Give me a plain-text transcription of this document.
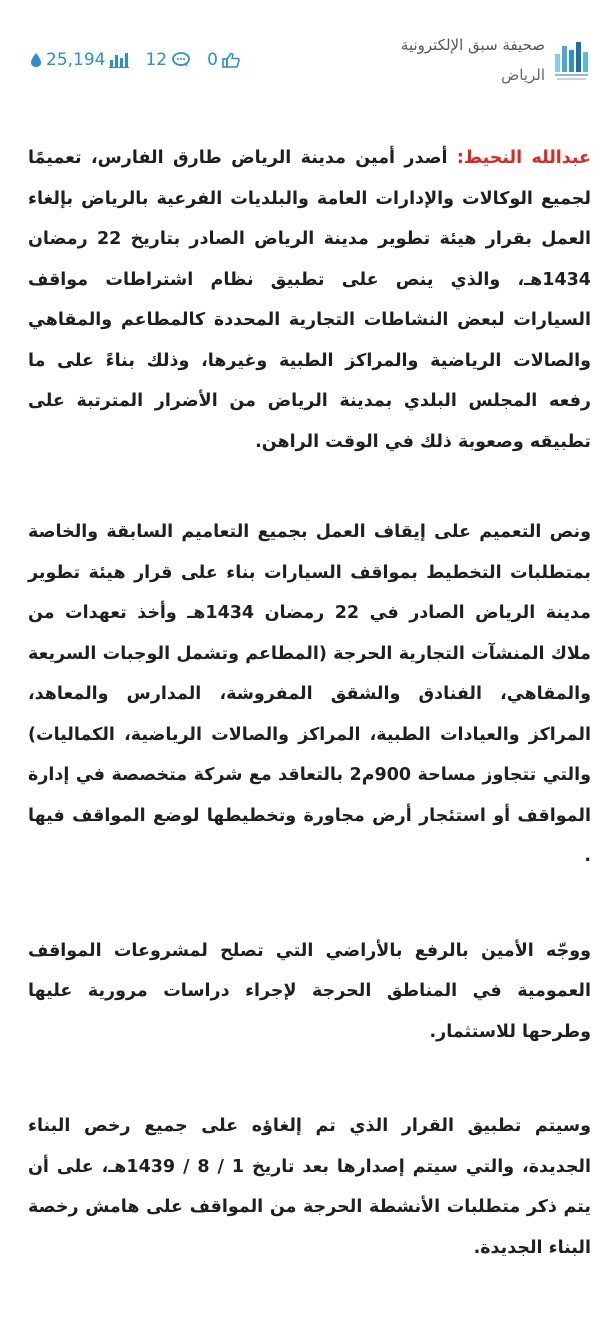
25,194 12 0
صحيفة سبق الإلكترونية
الرياض

عبدالله النحيط: أصدر أمين مدينة الرياض طارق الفارس، تعميمًا لجميع الوكالات والإدارات العامة والبلديات الفرعية بالرياض بإلغاء العمل بقرار هيئة تطوير مدينة الرياض الصادر بتاريخ 22 رمضان 1434هـ، والذي ينص على تطبيق نظام اشتراطات مواقف السيارات لبعض النشاطات التجارية المحددة كالمطاعم والمقاهي والصالات الرياضية والمراكز الطبية وغيرها، وذلك بناءً على ما رفعه المجلس البلدي بمدينة الرياض من الأضرار المترتبة على تطبيقه وصعوبة ذلك في الوقت الراهن.

ونص التعميم على إيقاف العمل بجميع التعاميم السابقة والخاصة بمتطلبات التخطيط بمواقف السيارات بناء على قرار هيئة تطوير مدينة الرياض الصادر في 22 رمضان 1434هـ وأخذ تعهدات من ملاك المنشآت التجارية الحرجة (المطاعم وتشمل الوجبات السريعة والمقاهي، الفنادق والشقق المفروشة، المدارس والمعاهد، المراكز والعيادات الطبية، المراكز والصالات الرياضية، الكماليات) والتي تتجاوز مساحة 900م2 بالتعاقد مع شركة متخصصة في إدارة المواقف أو استئجار أرض مجاورة وتخطيطها لوضع المواقف فيها .

ووجّه الأمين بالرفع بالأراضي التي تصلح لمشروعات المواقف العمومية في المناطق الحرجة لإجراء دراسات مرورية عليها وطرحها للاستثمار.

وسيتم تطبيق القرار الذي تم إلغاؤه على جميع رخص البناء الجديدة، والتي سيتم إصدارها بعد تاريخ 1 / 8 / 1439هـ، على أن يتم ذكر متطلبات الأنشطة الحرجة من المواقف على هامش رخصة البناء الجديدة.
